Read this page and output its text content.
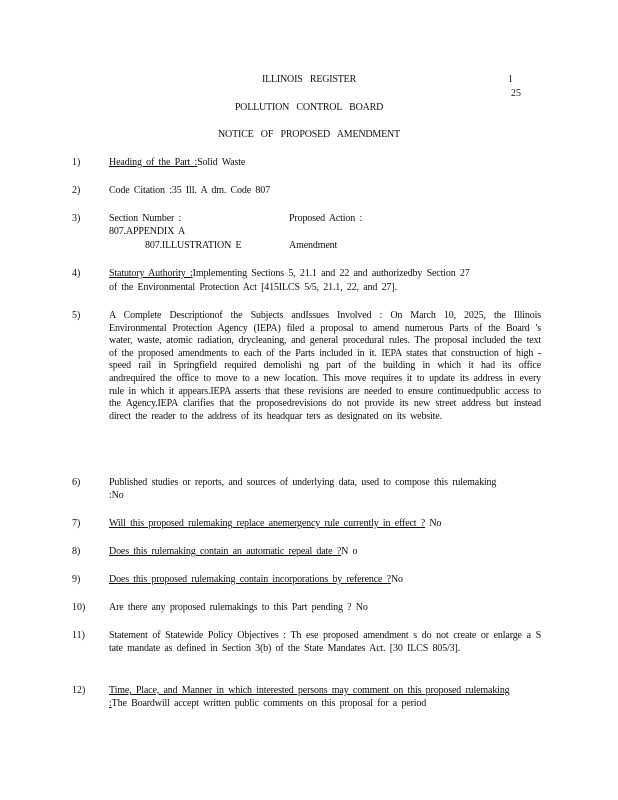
ILLINOIS REGISTER	1
25
POLLUTION CONTROL BOARD
NOTICE OF PROPOSED AMENDMENT
1)	Heading of the Part :Solid Waste
2)	Code Citation :35 Ill. A dm. Code 807
3)	Section Number :	Proposed Action :
807.APPENDIX A
807.ILLUSTRATION E	Amendment
4)	Statutory Authority :Implementing Sections 5, 21.1 and 22 and authorizedby Section 27
of the Environmental Protection Act [415ILCS 5/5, 21.1, 22, and 27].
5)	A Complete Descriptionof the Subjects andIssues Involved : On March 10, 2025, the Illinois Environmental Protection Agency (IEPA) filed a proposal to amend numerous Parts of the Board 's water, waste, atomic radiation, drycleaning, and general procedural rules. The proposal included the text of the proposed amendments to each of the Parts included in it. IEPA states that construction of high -speed rail in Springfield required demolishi ng part of the building in which it had its office andrequired the office to move to a new location. This move requires it to update its address in every rule in which it appears.IEPA asserts that these revisions are needed to ensure continuedpublic access to the Agency.IEPA clarifies that the proposedrevisions do not provide its new street address but instead direct the reader to the address of its headquar ters as designated on its website.
6)	Published studies or reports, and sources of underlying data, used to compose this rulemaking :No
7)	Will this proposed rulemaking replace anemergency rule currently in effect ? No
8)	Does this rulemaking contain an automatic repeal date ?N o
9)	Does this proposed rulemaking contain incorporations by reference ?No
10)	Are there any proposed rulemakings to this Part pending ? No
11)	Statement of Statewide Policy Objectives : Th ese proposed amendment s do not create or enlarge a S tate mandate as defined in Section 3(b) of the State Mandates Act. [30 ILCS 805/3].
12)	Time, Place, and Manner in which interested persons may comment on this proposed rulemaking :The Boardwill accept written public comments on this proposal for a period
